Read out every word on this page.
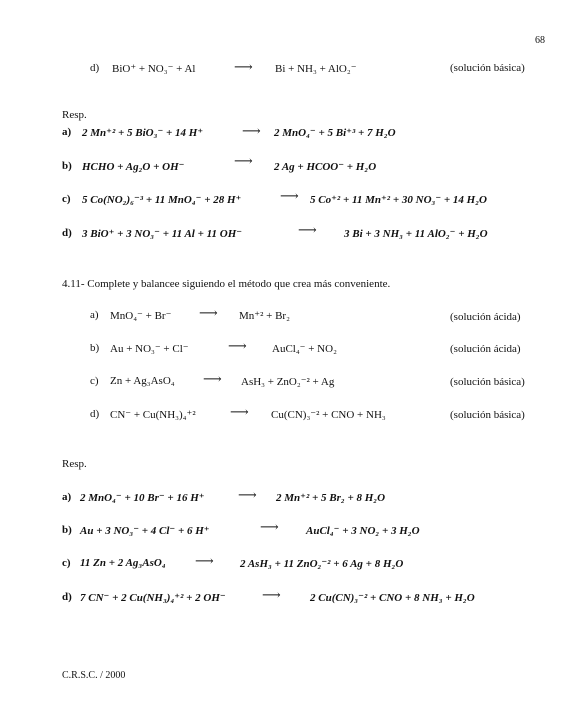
68
d) BiO⁺ + NO₃⁻ + Al	⟶ Bi + NH₃ + AlO₂⁻	(solución básica)
Resp.
a) 2 Mn⁺² + 5 BiO₃⁻ + 14 H⁺	⟶ 2 MnO₄⁻ + 5 Bi⁺³ + 7 H₂O
b) HCHO + Ag₂O + OH⁻	⟶ 2 Ag + HCOO⁻ + H₂O
c) 5 Co(NO₂)₆⁻³ + 11 MnO₄⁻ + 28 H⁺	⟶ 5 Co⁺² + 11 Mn⁺² + 30 NO₃⁻ + 14 H₂O
d) 3 BiO⁺ + 3 NO₃⁻ + 11 Al + 11 OH⁻	⟶ 3 Bi + 3 NH₃ + 11 AlO₂⁻ + H₂O
4.11- Complete y balancee siguiendo el método que crea más conveniente.
a) MnO₄⁻ + Br⁻ ⟶ Mn⁺² + Br₂	(solución ácida)
b) Au + NO₃⁻ + Cl⁻	⟶ AuCl₄⁻ + NO₂	(solución ácida)
c) Zn + Ag₃AsO₄ ⟶ AsH₃ + ZnO₂⁻² + Ag	(solución básica)
d) CN⁻ + Cu(NH₃)₄⁺²	⟶ Cu(CN)₃⁻² + CNO + NH₃	(solución básica)
Resp.
a) 2 MnO₄⁻ + 10 Br⁻ + 16 H⁺	⟶ 2 Mn⁺² + 5 Br₂ + 8 H₂O
b) Au + 3 NO₃⁻ + 4 Cl⁻ + 6 H⁺	⟶ AuCl₄⁻ + 3 NO₂ + 3 H₂O
c) 11 Zn + 2 Ag₃AsO₄ ⟶ 2 AsH₃ + 11 ZnO₂⁻² + 6 Ag + 8 H₂O
d) 7 CN⁻ + 2 Cu(NH₃)₄⁺² + 2 OH⁻	⟶	2 Cu(CN)₃⁻² + CNO + 8 NH₃ + H₂O
C.R.S.C. / 2000
